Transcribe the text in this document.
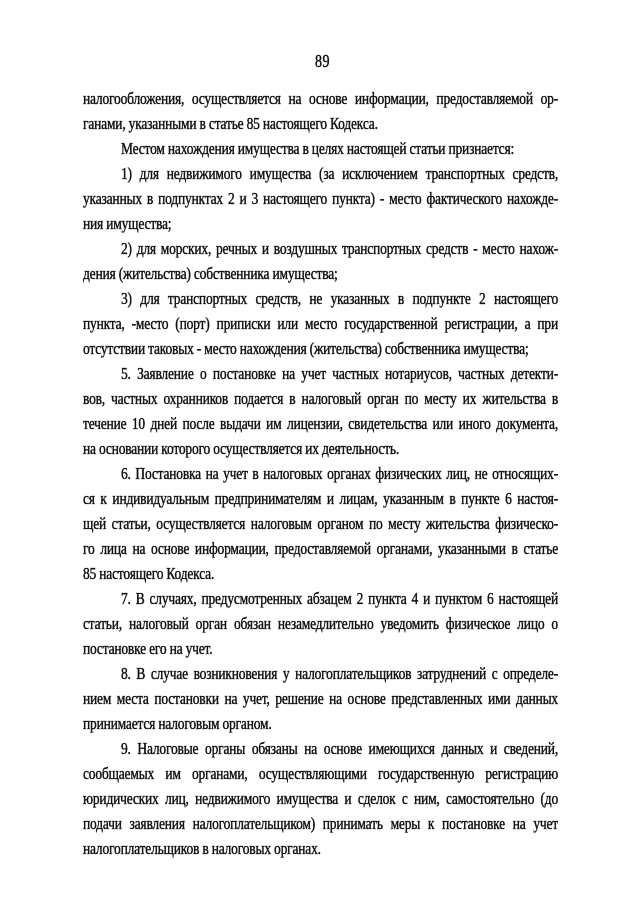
89
налогообложения, осуществляется на основе информации, предоставляемой ор-
ганами, указанными в статье 85 настоящего Кодекса.
Местом нахождения имущества в целях настоящей статьи признается:
1) для недвижимого имущества (за исключением транспортных средств,
указанных в подпунктах 2 и 3 настоящего пункта) - место фактического нахожде-
ния имущества;
2) для морских, речных и воздушных транспортных средств - место нахож-
дения (жительства) собственника имущества;
3) для транспортных средств, не указанных в подпункте 2 настоящего
пункта, -место (порт) приписки или место государственной регистрации, а при
отсутствии таковых - место нахождения (жительства) собственника имущества;
5. Заявление о постановке на учет частных нотариусов, частных детекти-
вов, частных охранников подается в налоговый орган по месту их жительства в
течение 10 дней после выдачи им лицензии, свидетельства или иного документа,
на основании которого осуществляется их деятельность.
6. Постановка на учет в налоговых органах физических лиц, не относящих-
ся к индивидуальным предпринимателям и лицам, указанным в пункте 6 настоя-
щей статьи, осуществляется налоговым органом по месту жительства физическо-
го лица на основе информации, предоставляемой органами, указанными в статье
85 настоящего Кодекса.
7. В случаях, предусмотренных абзацем 2 пункта 4 и пунктом 6 настоящей
статьи, налоговый орган обязан незамедлительно уведомить физическое лицо о
постановке его на учет.
8. В случае возникновения у налогоплательщиков затруднений с определе-
нием места постановки на учет, решение на основе представленных ими данных
принимается налоговым органом.
9. Налоговые органы обязаны на основе имеющихся данных и сведений,
сообщаемых им органами, осуществляющими государственную регистрацию
юридических лиц, недвижимого имущества и сделок с ним, самостоятельно (до
подачи заявления налогоплательщиком) принимать меры к постановке на учет
налогоплательщиков в налоговых органах.
